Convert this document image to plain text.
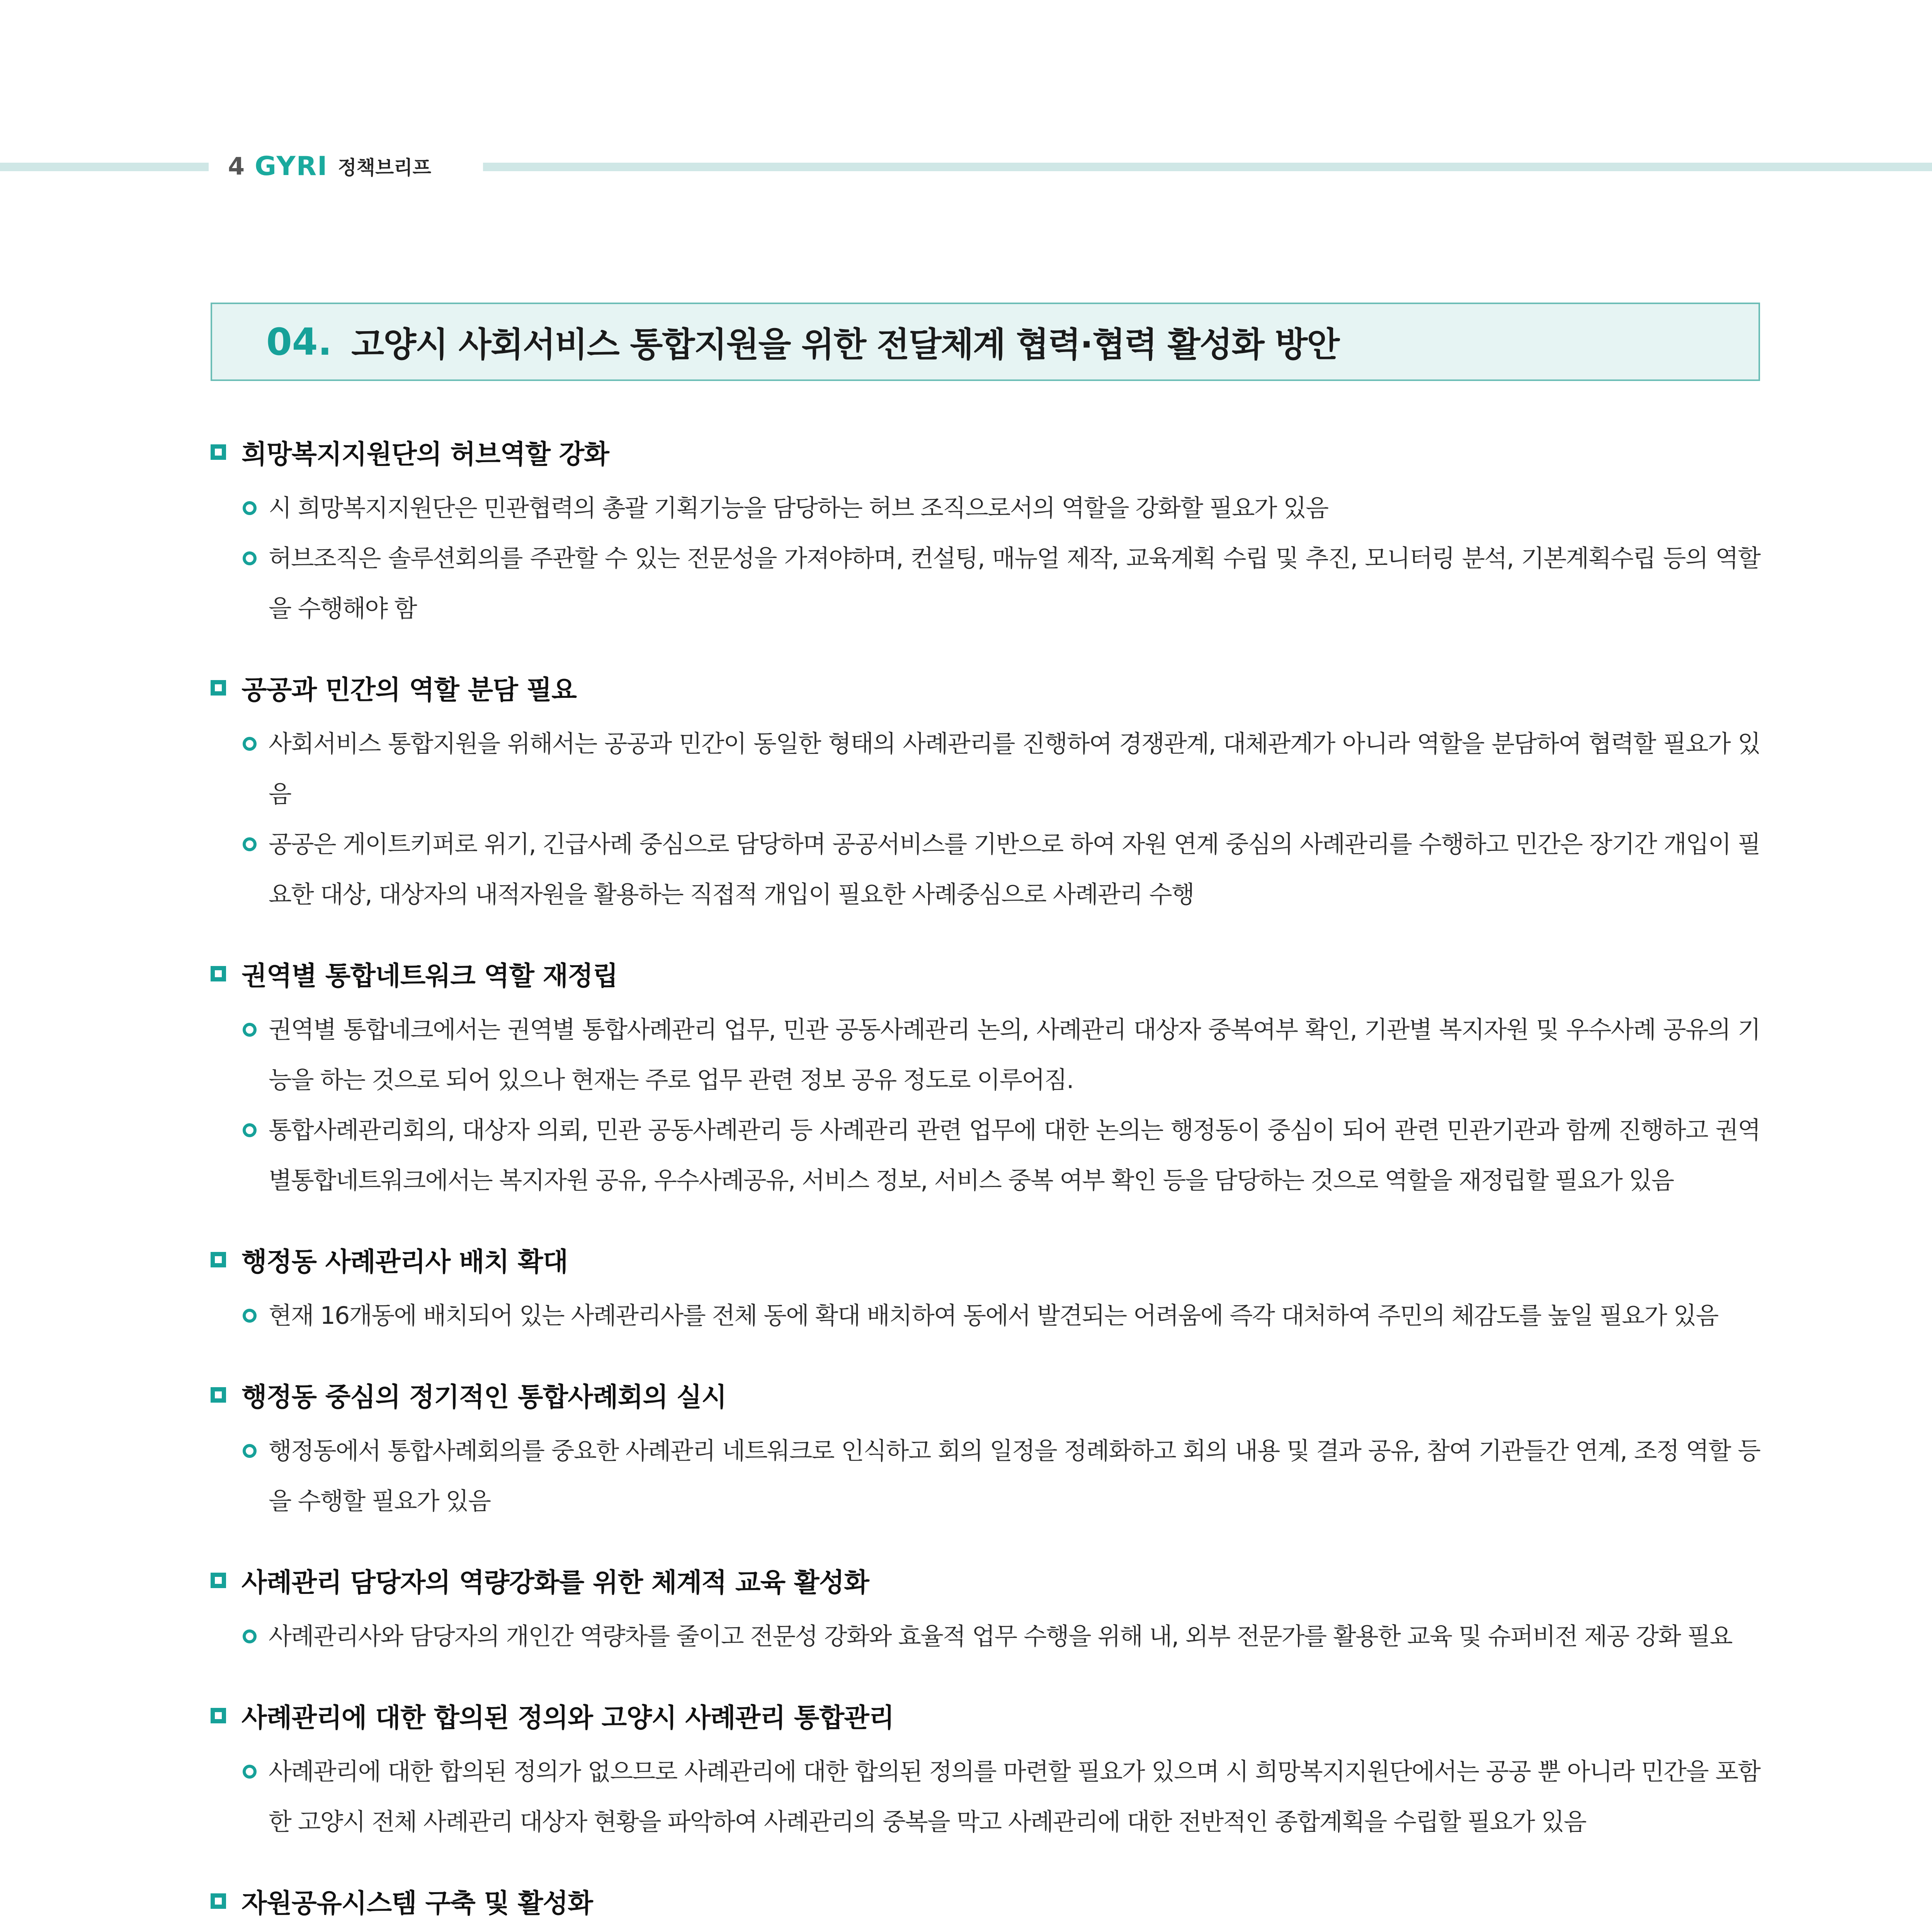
4 GYRI 정책브리프
04. 고양시 사회서비스 통합지원을 위한 전달체계 협력·협력 활성화 방안
희망복지지원단의 허브역할 강화
시 희망복지지원단은 민관협력의 총괄 기획기능을 담당하는 허브 조직으로서의 역할을 강화할 필요가 있음
허브조직은 솔루션회의를 주관할 수 있는 전문성을 가져야하며, 컨설팅, 매뉴얼 제작, 교육계획 수립 및 추진, 모니터링 분석, 기본계획수립 등의 역할을 수행해야 함
공공과 민간의 역할 분담 필요
사회서비스 통합지원을 위해서는 공공과 민간이 동일한 형태의 사례관리를 진행하여 경쟁관계, 대체관계가 아니라 역할을 분담하여 협력할 필요가 있음
공공은 게이트키퍼로 위기, 긴급사례 중심으로 담당하며 공공서비스를 기반으로 하여 자원 연계 중심의 사례관리를 수행하고 민간은 장기간 개입이 필요한 대상, 대상자의 내적자원을 활용하는 직접적 개입이 필요한 사례중심으로 사례관리 수행
권역별 통합네트워크 역할 재정립
권역별 통합네크에서는 권역별 통합사례관리 업무, 민관 공동사례관리 논의, 사례관리 대상자 중복여부 확인, 기관별 복지자원 및 우수사례 공유의 기능을 하는 것으로 되어 있으나 현재는 주로 업무 관련 정보 공유 정도로 이루어짐.
통합사례관리회의, 대상자 의뢰, 민관 공동사례관리 등 사례관리 관련 업무에 대한 논의는 행정동이 중심이 되어 관련 민관기관과 함께 진행하고 권역별통합네트워크에서는 복지자원 공유, 우수사례공유, 서비스 정보, 서비스 중복 여부 확인 등을 담당하는 것으로 역할을 재정립할 필요가 있음
행정동 사례관리사 배치 확대
현재 16개동에 배치되어 있는 사례관리사를 전체 동에 확대 배치하여 동에서 발견되는 어려움에 즉각 대처하여 주민의 체감도를 높일 필요가 있음
행정동 중심의 정기적인 통합사례회의 실시
행정동에서 통합사례회의를 중요한 사례관리 네트워크로 인식하고 회의 일정을 정례화하고 회의 내용 및 결과 공유, 참여 기관들간 연계, 조정 역할 등을 수행할 필요가 있음
사례관리 담당자의 역량강화를 위한 체계적 교육 활성화
사례관리사와 담당자의 개인간 역량차를 줄이고 전문성 강화와 효율적 업무 수행을 위해 내, 외부 전문가를 활용한 교육 및 슈퍼비전 제공 강화 필요
사례관리에 대한 합의된 정의와 고양시 사례관리 통합관리
사례관리에 대한 합의된 정의가 없으므로 사례관리에 대한 합의된 정의를 마련할 필요가 있으며 시 희망복지지원단에서는 공공 뿐 아니라 민간을 포함한 고양시 전체 사례관리 대상자 현황을 파악하여 사례관리의 중복을 막고 사례관리에 대한 전반적인 종합계획을 수립할 필요가 있음
자원공유시스템 구축 및 활성화
